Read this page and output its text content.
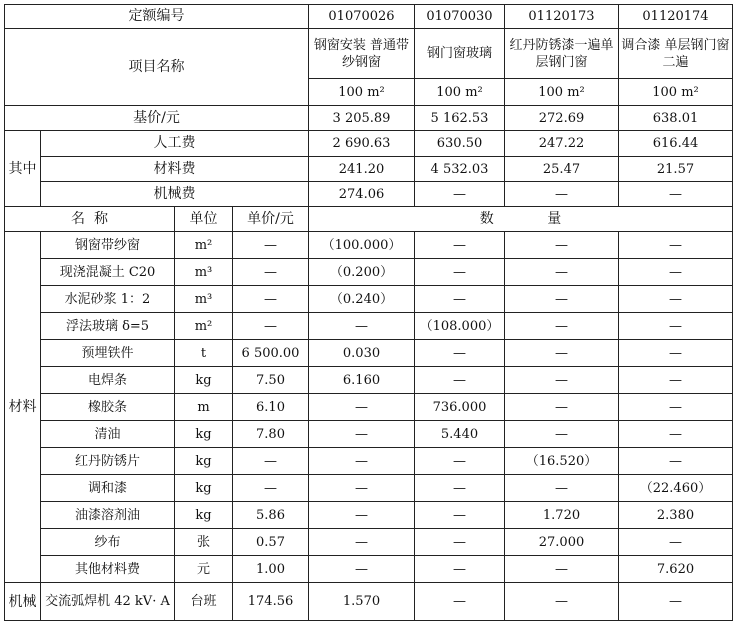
定额编号				01070026	01070030	01120173	01120174
项目名称				钢窗安装 普通带纱钢窗	钢门窗玻璃	红丹防锈漆一遍单层钢门窗	调合漆 单层钢门窗 二遍
				100 m²	100 m²	100 m²	100 m²
基价/元				3 205.89	5 162.53	272.69	638.01
其中	人工费			2 690.63	630.50	247.22	616.44
	材料费			241.20	4 532.03	25.47	21.57
	机械费			274.06	—	—	—
名  称		单位	单价/元	数            量			
材料	钢窗带纱窗	m²	—	（100.000）	—	—	—
	现浇混凝土 C20	m³	—	（0.200）	—	—	—
	水泥砂浆 1：2	m³	—	（0.240）	—	—	—
	浮法玻璃 δ=5	m²	—	—	（108.000）	—	—
	预埋铁件	t	6 500.00	0.030	—	—	—
	电焊条	kg	7.50	6.160	—	—	—
	橡胶条	m	6.10	—	736.000	—	—
	清油	kg	7.80	—	5.440	—	—
	红丹防锈片	kg	—	—	—	（16.520）	—
	调和漆	kg	—	—	—	—	（22.460）
	油漆溶剂油	kg	5.86	—	—	1.720	2.380
	纱布	张	0.57	—	—	27.000	—
	其他材料费	元	1.00	—	—	—	7.620
机械	交流弧焊机 42 kV· A	台班	174.56	1.570	—	—	—
